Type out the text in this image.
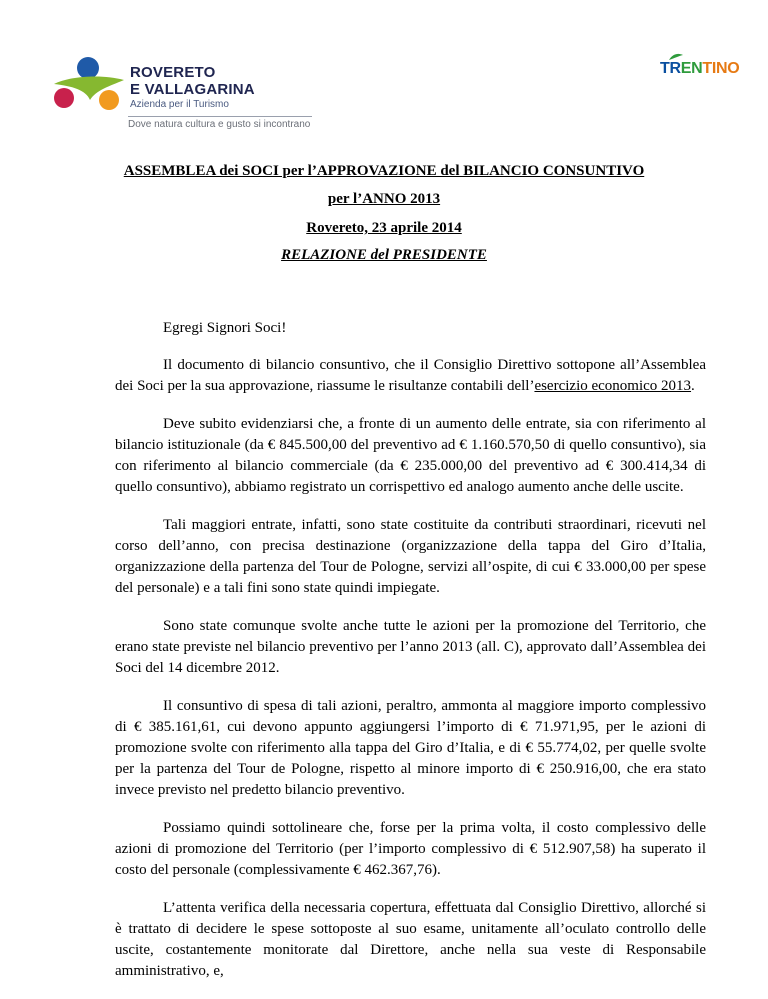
ROVERETO
E VALLAGARINA
Azienda per il Turismo
Dove natura cultura e gusto si incontrano
TRENTINO
ASSEMBLEA dei SOCI per l’APPROVAZIONE del BILANCIO CONSUNTIVO
per l’ANNO 2013
Rovereto, 23 aprile 2014
RELAZIONE del PRESIDENTE
Egregi Signori Soci!

Il documento di bilancio consuntivo, che il Consiglio Direttivo sottopone all’Assemblea dei Soci per la sua approvazione, riassume le risultanze contabili dell’esercizio economico 2013.

Deve subito evidenziarsi che, a fronte di un aumento delle entrate, sia con riferimento al bilancio istituzionale (da € 845.500,00 del preventivo ad € 1.160.570,50 di quello consuntivo), sia con riferimento al bilancio commerciale (da € 235.000,00 del preventivo ad € 300.414,34 di quello consuntivo), abbiamo registrato un corrispettivo ed analogo aumento anche delle uscite.

Tali maggiori entrate, infatti, sono state costituite da contributi straordinari, ricevuti nel corso dell’anno, con precisa destinazione (organizzazione della tappa del Giro d’Italia, organizzazione della partenza del Tour de Pologne, servizi all’ospite, di cui € 33.000,00 per spese del personale) e a tali fini sono state quindi impiegate.

Sono state comunque svolte anche tutte le azioni per la promozione del Territorio, che erano state previste nel bilancio preventivo per l’anno 2013 (all. C), approvato dall’Assemblea dei Soci del 14 dicembre 2012.

Il consuntivo di spesa di tali azioni, peraltro, ammonta al maggiore importo complessivo di € 385.161,61, cui devono appunto aggiungersi l’importo di € 71.971,95, per le azioni di promozione svolte con riferimento alla tappa del Giro d’Italia, e di € 55.774,02, per quelle svolte per la partenza del Tour de Pologne, rispetto al minore importo di € 250.916,00, che era stato invece previsto nel predetto bilancio preventivo.

Possiamo quindi sottolineare che, forse per la prima volta, il costo complessivo delle azioni di promozione del Territorio (per l’importo complessivo di € 512.907,58) ha superato il costo del personale (complessivamente € 462.367,76).

L’attenta verifica della necessaria copertura, effettuata dal Consiglio Direttivo, allorché si è trattato di decidere le spese sottoposte al suo esame, unitamente all’oculato controllo delle uscite, costantemente monitorate dal Direttore, anche nella sua veste di Responsabile amministrativo, e,
